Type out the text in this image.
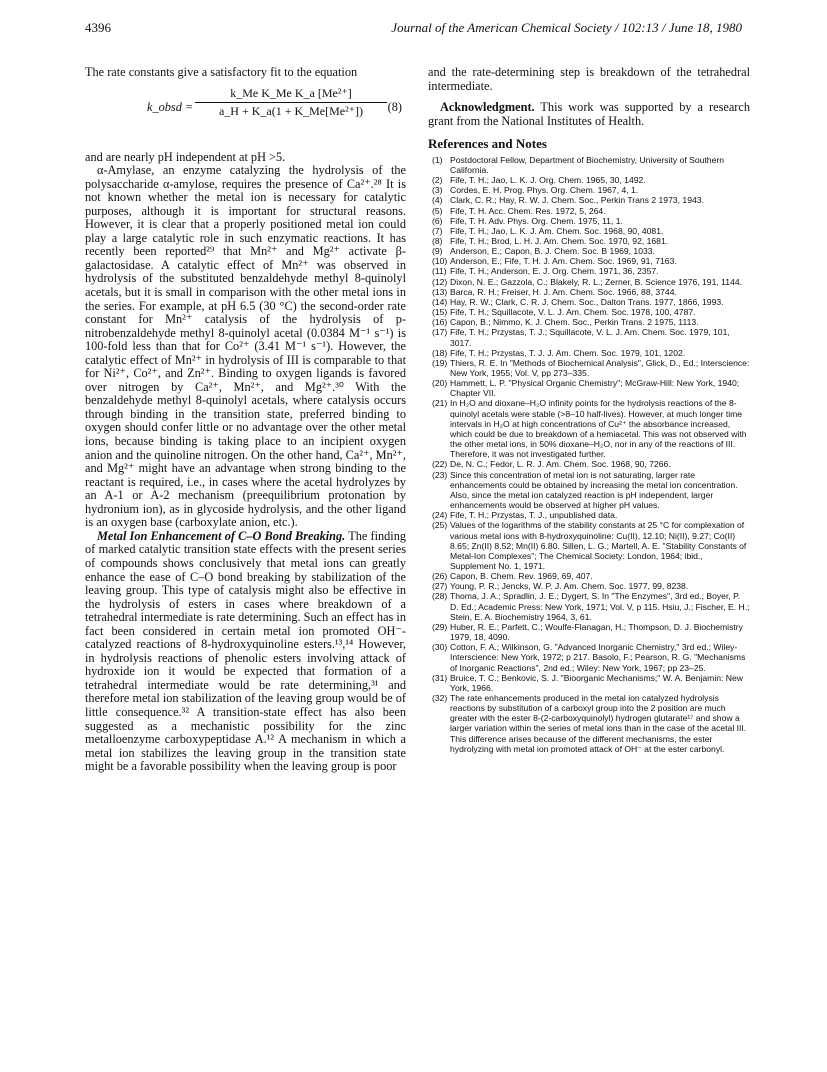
4396	Journal of the American Chemical Society / 102:13 / June 18, 1980

The rate constants give a satisfactory fit to the equation

k_obsd =
k_Me K_Me K_a [Me²⁺]
a_H + K_a(1 + K_Me[Me²⁺])	(8)

and are nearly pH independent at pH >5.

α-Amylase, an enzyme catalyzing the hydrolysis of the polysaccharide α-amylose, requires the presence of Ca²⁺.²⁸ It is not known whether the metal ion is necessary for catalytic purposes, although it is important for structural reasons. However, it is clear that a properly positioned metal ion could play a large catalytic role in such enzymatic reactions. It has recently been reported²⁹ that Mn²⁺ and Mg²⁺ activate β-galactosidase. A catalytic effect of Mn²⁺ was observed in hydrolysis of the substituted benzaldehyde methyl 8-quinolyl acetals, but it is small in comparison with the other metal ions in the series. For example, at pH 6.5 (30 °C) the second-order rate constant for Mn²⁺ catalysis of the hydrolysis of p-nitrobenzaldehyde methyl 8-quinolyl acetal (0.0384 M⁻¹ s⁻¹) is 100-fold less than that for Co²⁺ (3.41 M⁻¹ s⁻¹). However, the catalytic effect of Mn²⁺ in hydrolysis of III is comparable to that for Ni²⁺, Co²⁺, and Zn²⁺. Binding to oxygen ligands is favored over nitrogen by Ca²⁺, Mn²⁺, and Mg²⁺.³⁰ With the benzaldehyde methyl 8-quinolyl acetals, where catalysis occurs through binding in the transition state, preferred binding to oxygen should confer little or no advantage over the other metal ions, because binding is taking place to an incipient oxygen anion and the quinoline nitrogen. On the other hand, Ca²⁺, Mn²⁺, and Mg²⁺ might have an advantage when strong binding to the reactant is required, i.e., in cases where the acetal hydrolyzes by an A-1 or A-2 mechanism (preequilibrium protonation by hydronium ion), as in glycoside hydrolysis, and the other ligand is an oxygen base (carboxylate anion, etc.).

Metal Ion Enhancement of C–O Bond Breaking. The finding of marked catalytic transition state effects with the present series of compounds shows conclusively that metal ions can greatly enhance the ease of C–O bond breaking by stabilization of the leaving group. This type of catalysis might also be effective in the hydrolysis of esters in cases where breakdown of a tetrahedral intermediate is rate determining. Such an effect has in fact been considered in certain metal ion promoted OH⁻-catalyzed reactions of 8-hydroxyquinoline esters.¹³,¹⁴ However, in hydrolysis reactions of phenolic esters involving attack of hydroxide ion it would be expected that formation of a tetrahedral intermediate would be rate determining,³¹ and therefore metal ion stabilization of the leaving group would be of little consequence.³² A transition-state effect has also been suggested as a mechanistic possibility for the zinc metalloenzyme carboxypeptidase A.¹² A mechanism in which a metal ion stabilizes the leaving group in the transition state might be a favorable possibility when the leaving group is poor

and the rate-determining step is breakdown of the tetrahedral intermediate.

Acknowledgment. This work was supported by a research grant from the National Institutes of Health.

References and Notes
(1) Postdoctoral Fellow, Department of Biochemistry, University of Southern California.
(2) Fife, T. H.; Jao, L. K. J. Org. Chem. 1965, 30, 1492.
(3) Cordes, E. H. Prog. Phys. Org. Chem. 1967, 4, 1.
(4) Clark, C. R.; Hay, R. W. J. Chem. Soc., Perkin Trans 2 1973, 1943.
(5) Fife, T. H. Acc. Chem. Res. 1972, 5, 264.
(6) Fife, T. H. Adv. Phys. Org. Chem. 1975, 11, 1.
(7) Fife, T. H.; Jao, L. K. J. Am. Chem. Soc. 1968, 90, 4081.
(8) Fife, T. H.; Brod, L. H. J. Am. Chem. Soc. 1970, 92, 1681.
(9) Anderson, E.; Capon, B. J. Chem. Soc. B 1969, 1033.
(10) Anderson, E.; Fife, T. H. J. Am. Chem. Soc. 1969, 91, 7163.
(11) Fife, T. H.; Anderson, E. J. Org. Chem. 1971, 36, 2357.
(12) Dixon, N. E.; Gazzola, C.; Blakely, R. L.; Zerner, B. Science 1976, 191, 1144.
(13) Barca, R. H.; Freiser, H. J. Am. Chem. Soc. 1966, 88, 3744.
(14) Hay, R. W.; Clark, C. R. J. Chem. Soc., Dalton Trans. 1977, 1866, 1993.
(15) Fife, T. H.; Squillacote, V. L. J. Am. Chem. Soc. 1978, 100, 4787.
(16) Capon, B.; Nimmo, K. J. Chem. Soc., Perkin Trans. 2 1975, 1113.
(17) Fife, T. H.; Przystas, T. J.; Squillacote, V. L. J. Am. Chem. Soc. 1979, 101, 3017.
(18) Fife, T. H.; Przystas, T. J. J. Am. Chem. Soc. 1979, 101, 1202.
(19) Thiers, R. E. In "Methods of Biochemical Analysis", Glick, D., Ed.; Interscience: New York, 1955; Vol. V, pp 273–335.
(20) Hammett, L. P. "Physical Organic Chemistry"; McGraw-Hill: New York, 1940; Chapter VII.
(21) In H₂O and dioxane–H₂O infinity points for the hydrolysis reactions of the 8-quinolyl acetals were stable (>8–10 half-lives). However, at much longer time intervals in H₂O at high concentrations of Cu²⁺ the absorbance increased, which could be due to breakdown of a hemiacetal. This was not observed with the other metal ions, in 50% dioxane–H₂O, nor in any of the reactions of III. Therefore, it was not investigated further.
(22) De, N. C.; Fedor, L. R. J. Am. Chem. Soc. 1968, 90, 7266.
(23) Since this concentration of metal ion is not saturating, larger rate enhancements could be obtained by increasing the metal ion concentration. Also, since the metal ion catalyzed reaction is pH independent, larger enhancements would be observed at higher pH values.
(24) Fife, T. H.; Przystas, T. J., unpublished data.
(25) Values of the logarithms of the stability constants at 25 °C for complexation of various metal ions with 8-hydroxyquinoline: Cu(II), 12.10; Ni(II), 9.27; Co(II) 8.65; Zn(II) 8.52; Mn(II) 6.80. Sillen, L. G.; Martell, A. E. "Stability Constants of Metal-Ion Complexes"; The Chemical Society: London, 1964; ibid., Supplement No. 1, 1971.
(26) Capon, B. Chem. Rev. 1969, 69, 407.
(27) Young, P. R.; Jencks, W. P. J. Am. Chem. Soc. 1977, 99, 8238.
(28) Thoma, J. A.; Spradlin, J. E.; Dygert, S. In "The Enzymes", 3rd ed.; Boyer, P. D. Ed.; Academic Press: New York, 1971; Vol. V, p 115. Hsiu, J.; Fischer, E. H.; Stein, E. A. Biochemistry 1964, 3, 61.
(29) Huber, R. E.; Parfett, C.; Woulfe-Flanagan, H.; Thompson, D. J. Biochemistry 1979, 18, 4090.
(30) Cotton, F. A.; Wilkinson, G. "Advanced Inorganic Chemistry," 3rd ed.; Wiley-Interscience: New York, 1972; p 217. Basolo, F.; Pearson, R. G. "Mechanisms of Inorganic Reactions", 2nd ed.; Wiley: New York, 1967; pp 23–25.
(31) Bruice, T. C.; Benkovic, S. J. "Bioorganic Mechanisms;" W. A. Benjamin: New York, 1966.
(32) The rate enhancements produced in the metal ion catalyzed hydrolysis reactions by substitution of a carboxyl group into the 2 position are much greater with the ester 8-(2-carboxyquinolyl) hydrogen glutarate¹⁷ and show a larger variation within the series of metal ions than in the case of the acetal III. This difference arises because of the different mechanisms, the ester hydrolyzing with metal ion promoted attack of OH⁻ at the ester carbonyl.
